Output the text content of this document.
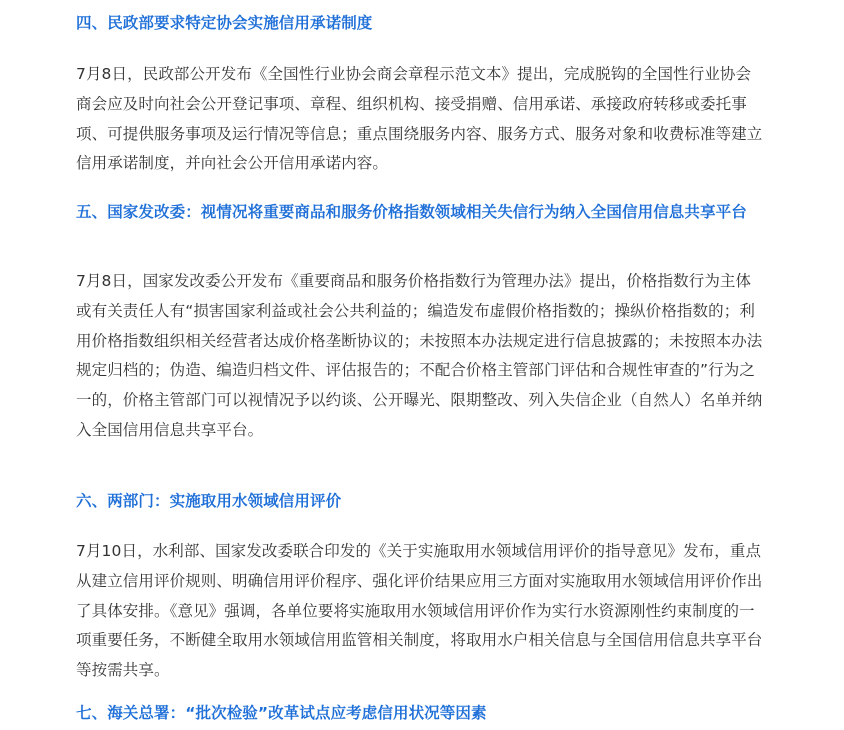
四、民政部要求特定协会实施信用承诺制度

7月8日，民政部公开发布《全国性行业协会商会章程示范文本》提出，完成脱钩的全国性行业协会商会应及时向社会公开登记事项、章程、组织机构、接受捐赠、信用承诺、承接政府转移或委托事项、可提供服务事项及运行情况等信息；重点围绕服务内容、服务方式、服务对象和收费标准等建立信用承诺制度，并向社会公开信用承诺内容。

五、国家发改委：视情况将重要商品和服务价格指数领域相关失信行为纳入全国信用信息共享平台

7月8日，国家发改委公开发布《重要商品和服务价格指数行为管理办法》提出，价格指数行为主体或有关责任人有“损害国家利益或社会公共利益的；编造发布虚假价格指数的；操纵价格指数的；利用价格指数组织相关经营者达成价格垄断协议的；未按照本办法规定进行信息披露的；未按照本办法规定归档的；伪造、编造归档文件、评估报告的；不配合价格主管部门评估和合规性审查的”行为之一的，价格主管部门可以视情况予以约谈、公开曝光、限期整改、列入失信企业（自然人）名单并纳入全国信用信息共享平台。

六、两部门：实施取用水领域信用评价

7月10日，水利部、国家发改委联合印发的《关于实施取用水领域信用评价的指导意见》发布，重点从建立信用评价规则、明确信用评价程序、强化评价结果应用三方面对实施取用水领域信用评价作出了具体安排。《意见》强调，各单位要将实施取用水领域信用评价作为实行水资源刚性约束制度的一项重要任务，不断健全取用水领域信用监管相关制度，将取用水户相关信息与全国信用信息共享平台等按需共享。

七、海关总署：“批次检验”改革试点应考虑信用状况等因素
